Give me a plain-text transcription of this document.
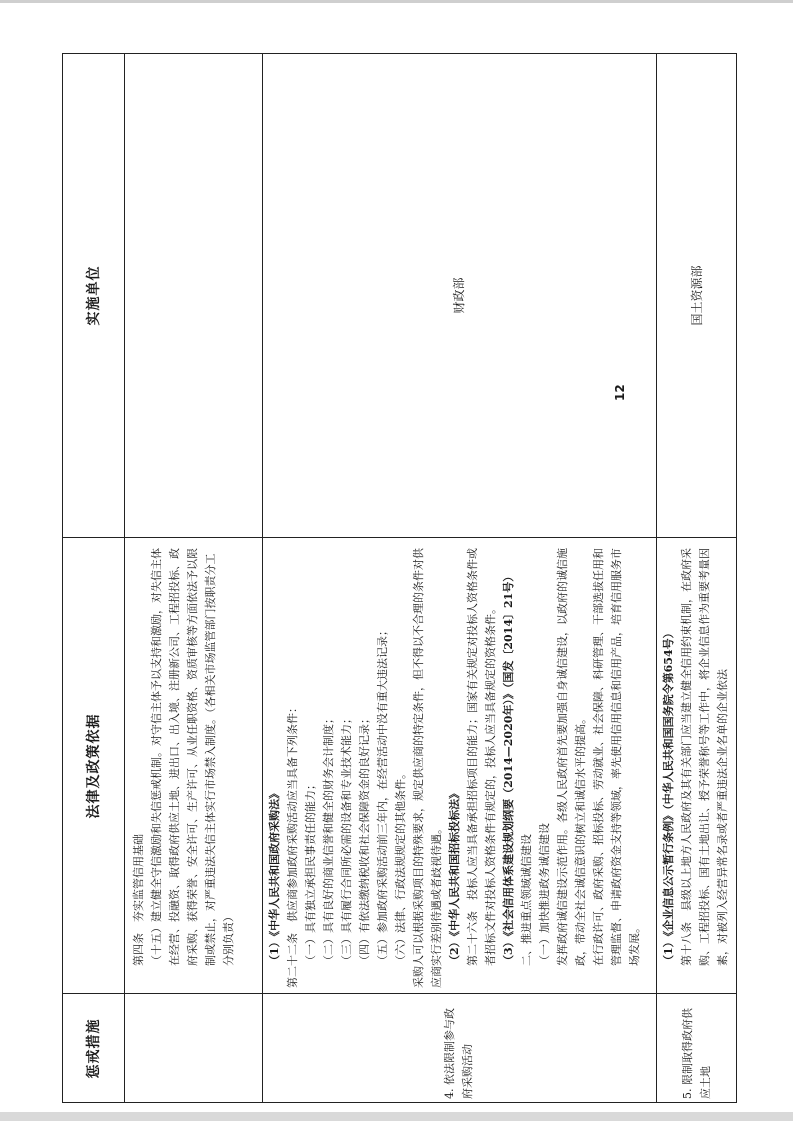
惩戒措施
法律及政策依据
实施单位

第四条　夯实监管信用基础 （十五）建立健全守信激励和失信惩戒机制。对守信主体予以支持和激励，对失信主体在经营、投融资、取得政府供应土地、进出口、出入境、注册新公司、工程招投标、政府采购、获得荣誉、安全许可、生产许可、从业任职资格、资质审核等方面依法予以限制或禁止，对严重违法失信主体实行市场禁入制度。（各相关市场监管部门按职责分工分别负责）

4. 依法限制参与政府采购活动

（1）《中华人民共和国政府采购法》 第二十二条　供应商参加政府采购活动应当具备下列条件： （一）具有独立承担民事责任的能力； （二）具有良好的商业信誉和健全的财务会计制度； （三）具有履行合同所必需的设备和专业技术能力； （四）有依法缴纳税收和社会保障资金的良好记录； （五）参加政府采购活动前三年内，在经营活动中没有重大违法记录； （六）法律、行政法规规定的其他条件。 采购人可以根据采购项目的特殊要求，规定供应商的特定条件，但不得以不合理的条件对供应商实行差别待遇或者歧视待遇。 （2）《中华人民共和国招标投标法》 第二十六条　投标人应当具备承担招标项目的能力；国家有关规定对投标人资格条件或者招标文件对投标人资格条件有规定的，投标人应当具备规定的资格条件。 （3）《社会信用体系建设规划纲要（2014—2020年）》（国发〔2014〕21号） 二、推进重点领域诚信建设 （一）加快推进政务诚信建设 发挥政府诚信建设示范作用。各级人民政府首先要加强自身诚信建设，以政府的诚信施政，带动全社会诚信意识的树立和诚信水平的提高。 在行政许可、政府采购、招标投标、劳动就业、社会保障、科研管理、干部选拔任用和管理监督、申请政府资金支持等领域，率先使用信用信息和信用产品，培育信用服务市场发展。

财政部
5. 限制取得政府供应土地

（1）《企业信息公示暂行条例》（中华人民共和国国务院令第654号） 第十八条　县级以上地方人民政府及其有关部门应当建立健全信用约束机制，在政府采购、工程招投标、国有土地出让、授予荣誉称号等工作中，将企业信息作为重要考量因素，对被列入经营异常名录或者严重违法企业名单的企业依法

国土资源部
12
